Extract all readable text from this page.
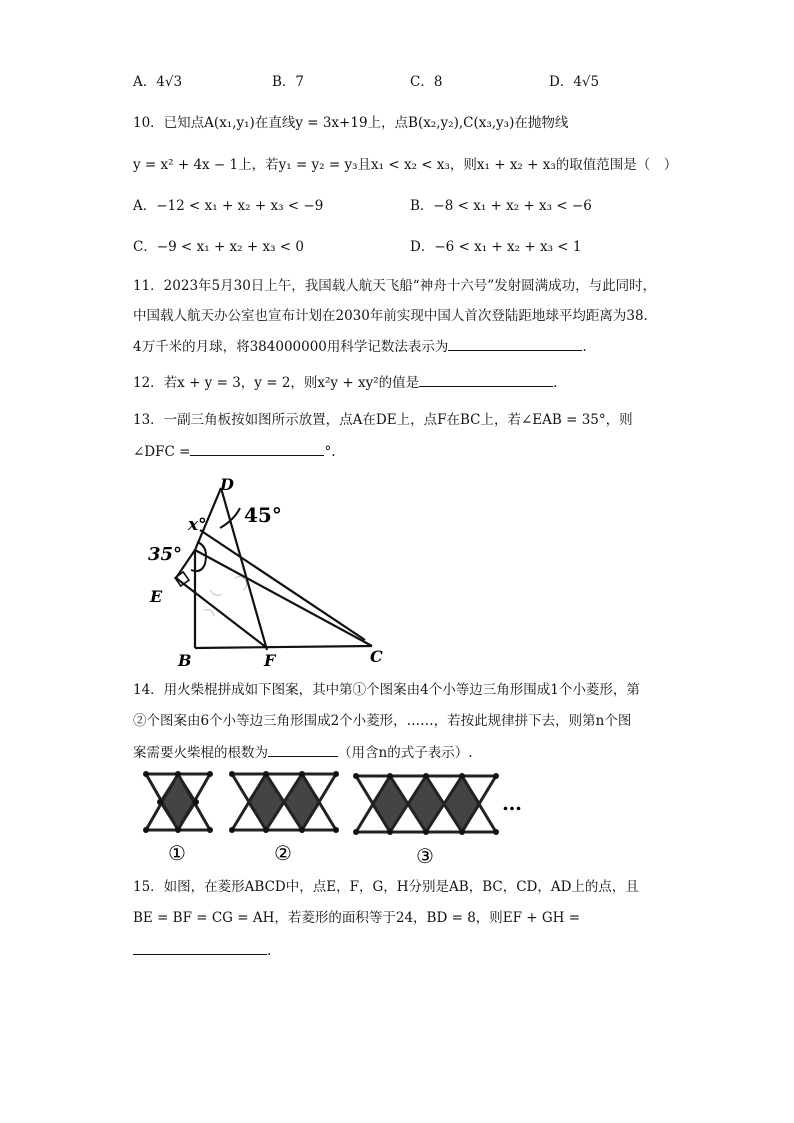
A．4√3	B．7	C．8	D．4√5
10．已知点A(x₁,y₁)在直线y = 3x+19上，点B(x₂,y₂),C(x₃,y₃)在抛物线
y = x² + 4x − 1上，若y₁ = y₂ = y₃且x₁ < x₂ < x₃，则x₁ + x₂ + x₃的取值范围是（　）
A．−12 < x₁ + x₂ + x₃ < −9	B．−8 < x₁ + x₂ + x₃ < −6
C．−9 < x₁ + x₂ + x₃ < 0	D．−6 < x₁ + x₂ + x₃ < 1
11．2023年5月30日上午，我国载人航天飞船“神舟十六号”发射圆满成功，与此同时，
中国载人航天办公室也宣布计划在2030年前实现中国人首次登陆距地球平均距离为38.
4万千米的月球，将384000000用科学记数法表示为	.
12．若x + y = 3，y = 2，则x²y + xy²的值是	.
13．一副三角板按如图所示放置，点A在DE上，点F在BC上，若∠EAB = 35°，则
∠DFC =	°.
45°
35°
x°
D
E
B	F	C
14．用火柴棍拼成如下图案，其中第①个图案由4个小等边三角形围成1个小菱形，第
②个图案由6个小等边三角形围成2个小菱形，……，若按此规律拼下去，则第n个图
案需要火柴棍的根数为	（用含n的式子表示）.
…
①	②	③
15．如图，在菱形ABCD中，点E，F，G，H分别是AB，BC，CD，AD上的点，且
BE = BF = CG = AH，若菱形的面积等于24，BD = 8，则EF + GH =
.
